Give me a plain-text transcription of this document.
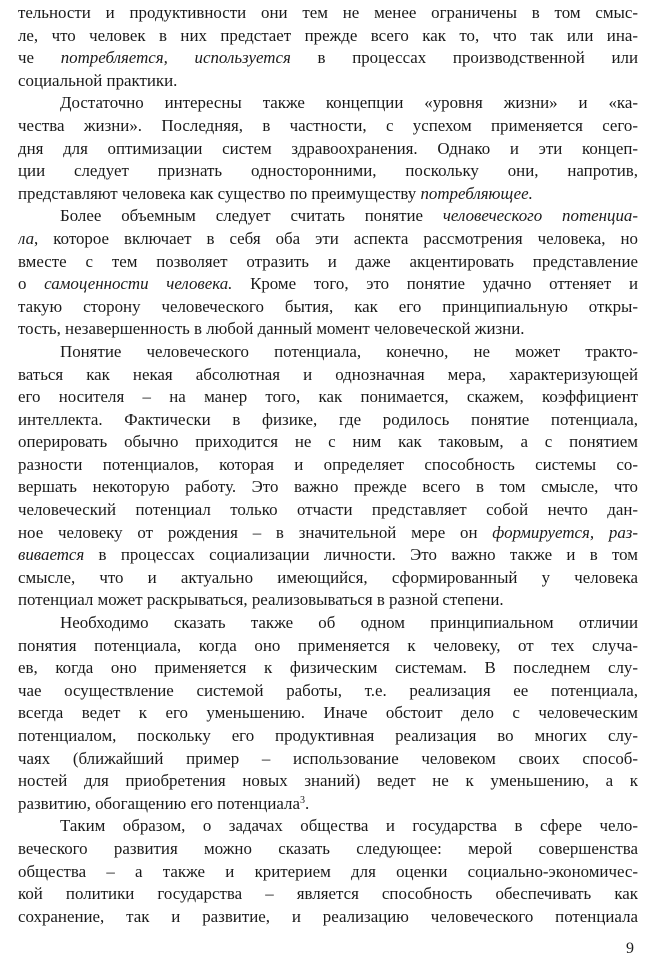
тельности и продуктивности они тем не менее ограничены в том смыс-
ле, что человек в них предстает прежде всего как то, что так или ина-
че потребляется, используется в процессах производственной или
социальной практики.
Достаточно интересны также концепции «уровня жизни» и «ка-
чества жизни». Последняя, в частности, с успехом применяется сего-
дня для оптимизации систем здравоохранения. Однако и эти концеп-
ции следует признать односторонними, поскольку они, напротив,
представляют человека как существо по преимуществу потребляющее.
Более объемным следует считать понятие человеческого потенциа-
ла, которое включает в себя оба эти аспекта рассмотрения человека, но
вместе с тем позволяет отразить и даже акцентировать представление
о самоценности человека. Кроме того, это понятие удачно оттеняет и
такую сторону человеческого бытия, как его принципиальную откры-
тость, незавершенность в любой данный момент человеческой жизни.
Понятие человеческого потенциала, конечно, не может тракто-
ваться как некая абсолютная и однозначная мера, характеризующей
его носителя – на манер того, как понимается, скажем, коэффициент
интеллекта. Фактически в физике, где родилось понятие потенциала,
оперировать обычно приходится не с ним как таковым, а с понятием
разности потенциалов, которая и определяет способность системы со-
вершать некоторую работу. Это важно прежде всего в том смысле, что
человеческий потенциал только отчасти представляет собой нечто дан-
ное человеку от рождения – в значительной мере он формируется, раз-
вивается в процессах социализации личности. Это важно также и в том
смысле, что и актуально имеющийся, сформированный у человека
потенциал может раскрываться, реализовываться в разной степени.
Необходимо сказать также об одном принципиальном отличии
понятия потенциала, когда оно применяется к человеку, от тех случа-
ев, когда оно применяется к физическим системам. В последнем слу-
чае осуществление системой работы, т.е. реализация ее потенциала,
всегда ведет к его уменьшению. Иначе обстоит дело с человеческим
потенциалом, поскольку его продуктивная реализация во многих слу-
чаях (ближайший пример – использование человеком своих способ-
ностей для приобретения новых знаний) ведет не к уменьшению, а к
развитию, обогащению его потенциала$^3$.
Таким образом, о задачах общества и государства в сфере чело-
веческого развития можно сказать следующее: мерой совершенства
общества – а также и критерием для оценки социально-экономичес-
кой политики государства – является способность обеспечивать как
сохранение, так и развитие, и реализацию человеческого потенциала
9
